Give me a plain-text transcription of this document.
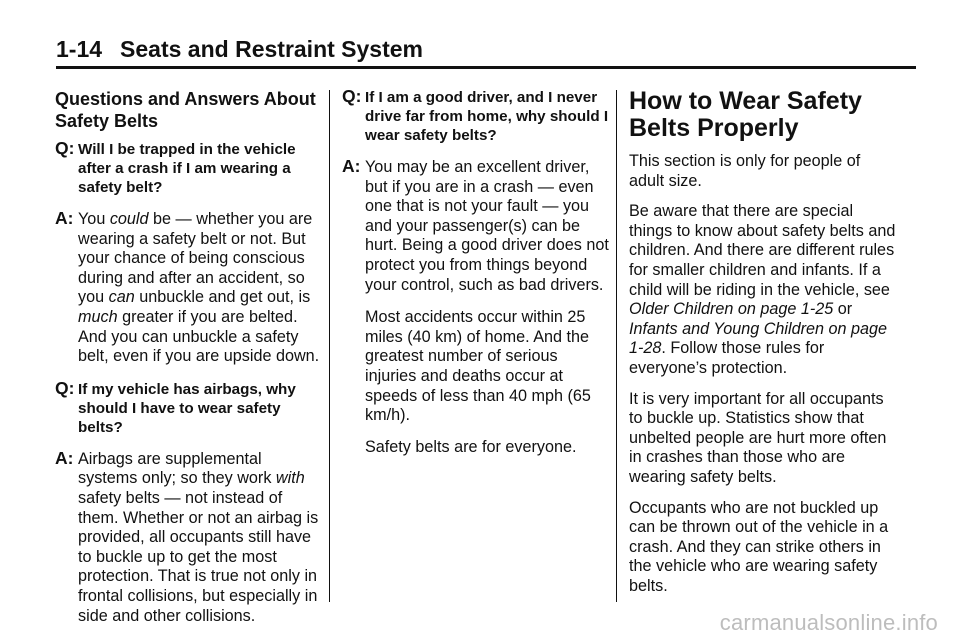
1-14 Seats and Restraint System
Questions and Answers About Safety Belts
Q: Will I be trapped in the vehicle after a crash if I am wearing a safety belt?
A: You could be — whether you are wearing a safety belt or not. But your chance of being conscious during and after an accident, so you can unbuckle and get out, is much greater if you are belted. And you can unbuckle a safety belt, even if you are upside down.
Q: If my vehicle has airbags, why should I have to wear safety belts?
A: Airbags are supplemental systems only; so they work with safety belts — not instead of them. Whether or not an airbag is provided, all occupants still have to buckle up to get the most protection. That is true not only in frontal collisions, but especially in side and other collisions.
Q: If I am a good driver, and I never drive far from home, why should I wear safety belts?
A: You may be an excellent driver, but if you are in a crash — even one that is not your fault — you and your passenger(s) can be hurt. Being a good driver does not protect you from things beyond your control, such as bad drivers.
Most accidents occur within 25 miles (40 km) of home. And the greatest number of serious injuries and deaths occur at speeds of less than 40 mph (65 km/h).
Safety belts are for everyone.
How to Wear Safety Belts Properly

This section is only for people of adult size.

Be aware that there are special things to know about safety belts and children. And there are different rules for smaller children and infants. If a child will be riding in the vehicle, see Older Children on page 1-25 or Infants and Young Children on page 1-28. Follow those rules for everyone’s protection.

It is very important for all occupants to buckle up. Statistics show that unbelted people are hurt more often in crashes than those who are wearing safety belts.

Occupants who are not buckled up can be thrown out of the vehicle in a crash. And they can strike others in the vehicle who are wearing safety belts.

carmanualsonline.info
